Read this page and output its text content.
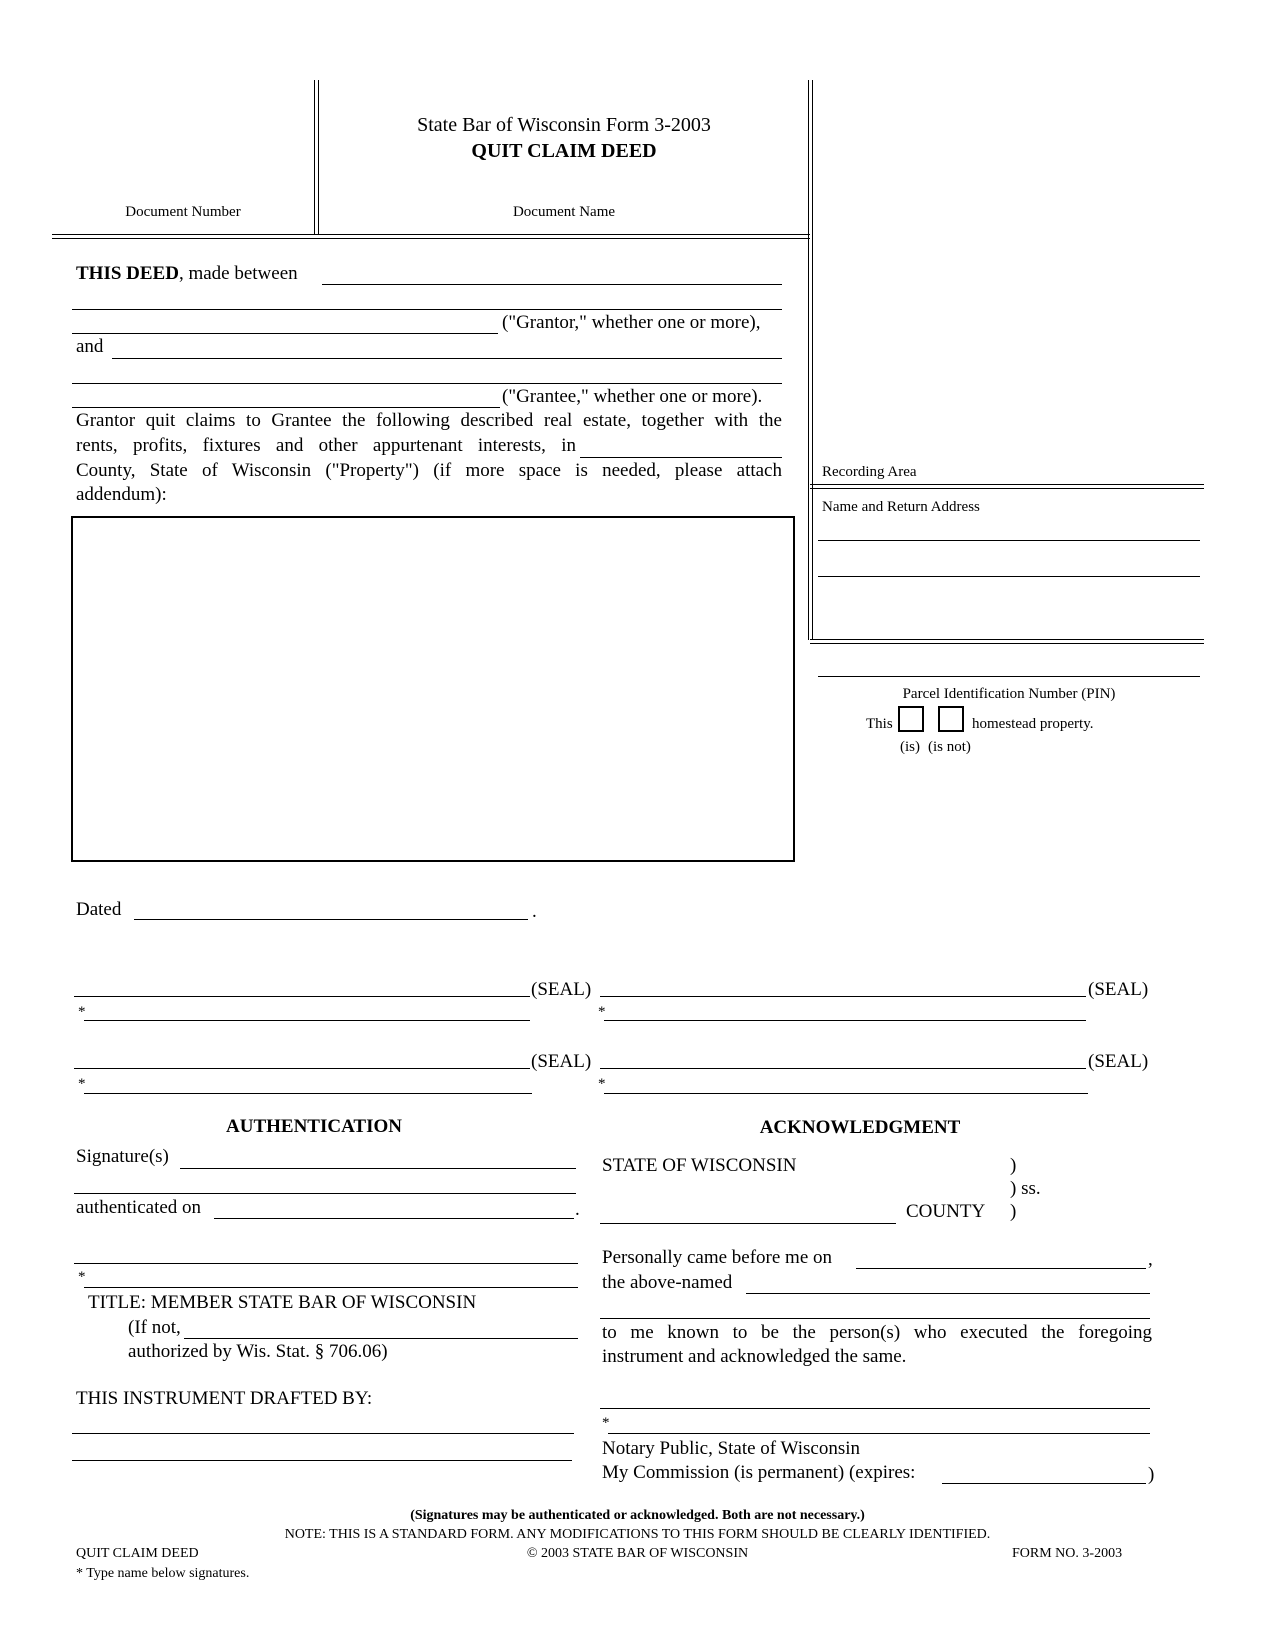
State Bar of Wisconsin Form 3-2003
QUIT CLAIM DEED
Document Number	Document Name
Recording Area
Name and Return Address
Parcel Identification Number (PIN)
This	homestead property.
(is) (is not)
THIS DEED, made between
("Grantor," whether one or more),
and
("Grantee," whether one or more).
Grantor quit claims to Grantee the following described real estate, together with the
rents, profits, fixtures and other appurtenant interests, in
County, State of Wisconsin ("Property") (if more space is needed, please attach
addendum):
Dated	.
(SEAL)
*
(SEAL)
*
(SEAL)
*
(SEAL)
*
AUTHENTICATION
Signature(s)
authenticated on	.
*
TITLE: MEMBER STATE BAR OF WISCONSIN
(If not,
authorized by Wis. Stat. § 706.06)
THIS INSTRUMENT DRAFTED BY:
ACKNOWLEDGMENT
STATE OF WISCONSIN	)
) ss.
COUNTY )
Personally came before me on	,
the above-named
to me known to be the person(s) who executed the foregoing
instrument and acknowledged the same.
*
Notary Public, State of Wisconsin
My Commission (is permanent) (expires:	)
(Signatures may be authenticated or acknowledged. Both are not necessary.)
NOTE: THIS IS A STANDARD FORM. ANY MODIFICATIONS TO THIS FORM SHOULD BE CLEARLY IDENTIFIED.
QUIT CLAIM DEED	© 2003 STATE BAR OF WISCONSIN	FORM NO. 3-2003
* Type name below signatures.
